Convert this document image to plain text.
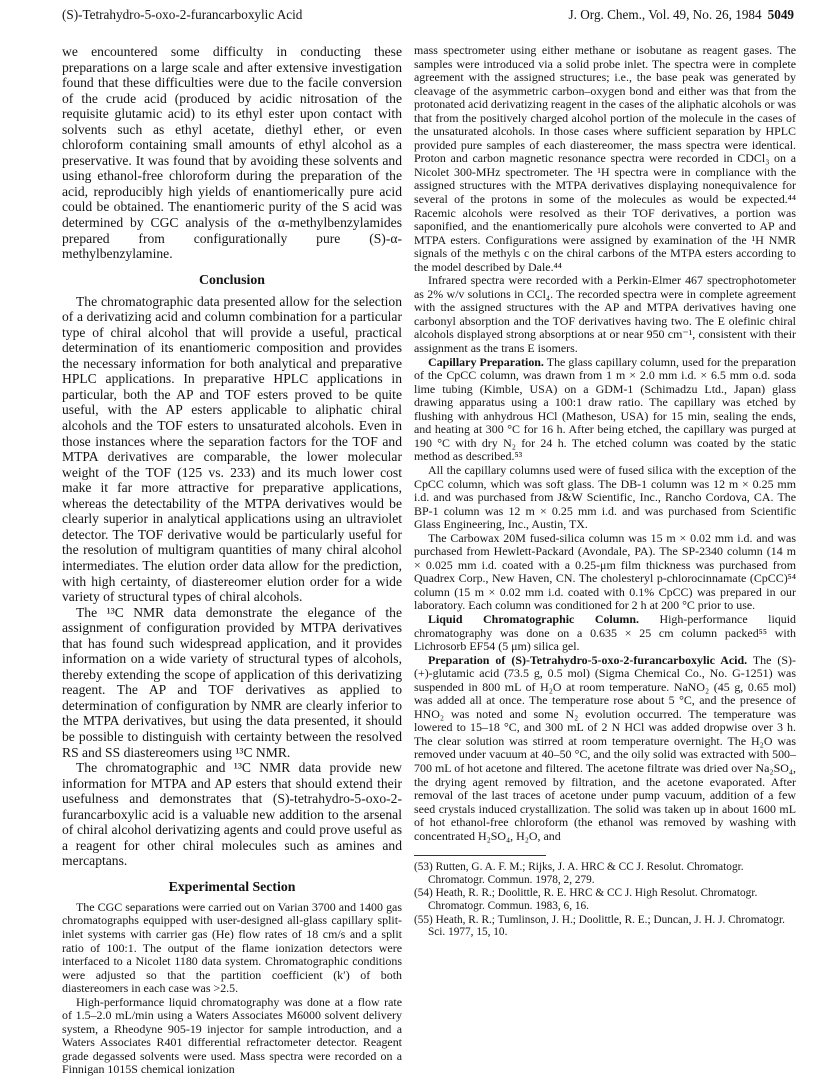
(S)-Tetrahydro-5-oxo-2-furancarboxylic Acid	J. Org. Chem., Vol. 49, No. 26, 1984 5049

we encountered some difficulty in conducting these preparations on a large scale and after extensive investigation found that these difficulties were due to the facile conversion of the crude acid (produced by acidic nitrosation of the requisite glutamic acid) to its ethyl ester upon contact with solvents such as ethyl acetate, diethyl ether, or even chloroform containing small amounts of ethyl alcohol as a preservative. It was found that by avoiding these solvents and using ethanol-free chloroform during the preparation of the acid, reproducibly high yields of enantiomerically pure acid could be obtained. The enantiomeric purity of the S acid was determined by CGC analysis of the α-methylbenzylamides prepared from configurationally pure (S)-α-methylbenzylamine.

Conclusion

The chromatographic data presented allow for the selection of a derivatizing acid and column combination for a particular type of chiral alcohol that will provide a useful, practical determination of its enantiomeric composition and provides the necessary information for both analytical and preparative HPLC applications. In preparative HPLC applications in particular, both the AP and TOF esters proved to be quite useful, with the AP esters applicable to aliphatic chiral alcohols and the TOF esters to unsaturated alcohols. Even in those instances where the separation factors for the TOF and MTPA derivatives are comparable, the lower molecular weight of the TOF (125 vs. 233) and its much lower cost make it far more attractive for preparative applications, whereas the detectability of the MTPA derivatives would be clearly superior in analytical applications using an ultraviolet detector. The TOF derivative would be particularly useful for the resolution of multigram quantities of many chiral alcohol intermediates. The elution order data allow for the prediction, with high certainty, of diastereomer elution order for a wide variety of structural types of chiral alcohols.

The ¹³C NMR data demonstrate the elegance of the assignment of configuration provided by MTPA derivatives that has found such widespread application, and it provides information on a wide variety of structural types of alcohols, thereby extending the scope of application of this derivatizing reagent. The AP and TOF derivatives as applied to determination of configuration by NMR are clearly inferior to the MTPA derivatives, but using the data presented, it should be possible to distinguish with certainty between the resolved RS and SS diastereomers using ¹³C NMR.

The chromatographic and ¹³C NMR data provide new information for MTPA and AP esters that should extend their usefulness and demonstrates that (S)-tetrahydro-5-oxo-2-furancarboxylic acid is a valuable new addition to the arsenal of chiral alcohol derivatizing agents and could prove useful as a reagent for other chiral molecules such as amines and mercaptans.

Experimental Section

The CGC separations were carried out on Varian 3700 and 1400 gas chromatographs equipped with user-designed all-glass capillary split-inlet systems with carrier gas (He) flow rates of 18 cm/s and a split ratio of 100:1. The output of the flame ionization detectors were interfaced to a Nicolet 1180 data system. Chromatographic conditions were adjusted so that the partition coefficient (k′) of both diastereomers in each case was >2.5.

High-performance liquid chromatography was done at a flow rate of 1.5–2.0 mL/min using a Waters Associates M6000 solvent delivery system, a Rheodyne 905-19 injector for sample introduction, and a Waters Associates R401 differential refractometer detector. Reagent grade degassed solvents were used. Mass spectra were recorded on a Finnigan 1015S chemical ionization

mass spectrometer using either methane or isobutane as reagent gases. The samples were introduced via a solid probe inlet. The spectra were in complete agreement with the assigned structures; i.e., the base peak was generated by cleavage of the asymmetric carbon–oxygen bond and either was that from the protonated acid derivatizing reagent in the cases of the aliphatic alcohols or was that from the positively charged alcohol portion of the molecule in the cases of the unsaturated alcohols. In those cases where sufficient separation by HPLC provided pure samples of each diastereomer, the mass spectra were identical. Proton and carbon magnetic resonance spectra were recorded in CDCl₃ on a Nicolet 300-MHz spectrometer. The ¹H spectra were in compliance with the assigned structures with the MTPA derivatives displaying nonequivalence for several of the protons in some of the molecules as would be expected.⁴⁴ Racemic alcohols were resolved as their TOF derivatives, a portion was saponified, and the enantiomerically pure alcohols were converted to AP and MTPA esters. Configurations were assigned by examination of the ¹H NMR signals of the methyls c on the chiral carbons of the MTPA esters according to the model described by Dale.⁴⁴

Infrared spectra were recorded with a Perkin-Elmer 467 spectrophotometer as 2% w/v solutions in CCl₄. The recorded spectra were in complete agreement with the assigned structures with the AP and MTPA derivatives having one carbonyl absorption and the TOF derivatives having two. The E olefinic chiral alcohols displayed strong absorptions at or near 950 cm⁻¹, consistent with their assignment as the trans E isomers.

Capillary Preparation. The glass capillary column, used for the preparation of the CpCC column, was drawn from 1 m × 2.0 mm i.d. × 6.5 mm o.d. soda lime tubing (Kimble, USA) on a GDM-1 (Schimadzu Ltd., Japan) glass drawing apparatus using a 100:1 draw ratio. The capillary was etched by flushing with anhydrous HCl (Matheson, USA) for 15 min, sealing the ends, and heating at 300 °C for 16 h. After being etched, the capillary was purged at 190 °C with dry N₂ for 24 h. The etched column was coated by the static method as described.⁵³

All the capillary columns used were of fused silica with the exception of the CpCC column, which was soft glass. The DB-1 column was 12 m × 0.25 mm i.d. and was purchased from J&W Scientific, Inc., Rancho Cordova, CA. The BP-1 column was 12 m × 0.25 mm i.d. and was purchased from Scientific Glass Engineering, Inc., Austin, TX.

The Carbowax 20M fused-silica column was 15 m × 0.02 mm i.d. and was purchased from Hewlett-Packard (Avondale, PA). The SP-2340 column (14 m × 0.025 mm i.d. coated with a 0.25-μm film thickness was purchased from Quadrex Corp., New Haven, CN. The cholesteryl p-chlorocinnamate (CpCC)⁵⁴ column (15 m × 0.02 mm i.d. coated with 0.1% CpCC) was prepared in our laboratory. Each column was conditioned for 2 h at 200 °C prior to use.

Liquid Chromatographic Column. High-performance liquid chromatography was done on a 0.635 × 25 cm column packed⁵⁵ with Lichrosorb EF54 (5 μm) silica gel.

Preparation of (S)-Tetrahydro-5-oxo-2-furancarboxylic Acid. The (S)-(+)-glutamic acid (73.5 g, 0.5 mol) (Sigma Chemical Co., No. G-1251) was suspended in 800 mL of H₂O at room temperature. NaNO₂ (45 g, 0.65 mol) was added all at once. The temperature rose about 5 °C, and the presence of HNO₂ was noted and some N₂ evolution occurred. The temperature was lowered to 15–18 °C, and 300 mL of 2 N HCl was added dropwise over 3 h. The clear solution was stirred at room temperature overnight. The H₂O was removed under vacuum at 40–50 °C, and the oily solid was extracted with 500–700 mL of hot acetone and filtered. The acetone filtrate was dried over Na₂SO₄, the drying agent removed by filtration, and the acetone evaporated. After removal of the last traces of acetone under pump vacuum, addition of a few seed crystals induced crystallization. The solid was taken up in about 1600 mL of hot ethanol-free chloroform (the ethanol was removed by washing with concentrated H₂SO₄, H₂O, and

(53) Rutten, G. A. F. M.; Rijks, J. A. HRC & CC J. Resolut. Chromatogr. Chromatogr. Commun. 1978, 2, 279.

(54) Heath, R. R.; Doolittle, R. E. HRC & CC J. High Resolut. Chromatogr. Chromatogr. Commun. 1983, 6, 16.

(55) Heath, R. R.; Tumlinson, J. H.; Doolittle, R. E.; Duncan, J. H. J. Chromatogr. Sci. 1977, 15, 10.
